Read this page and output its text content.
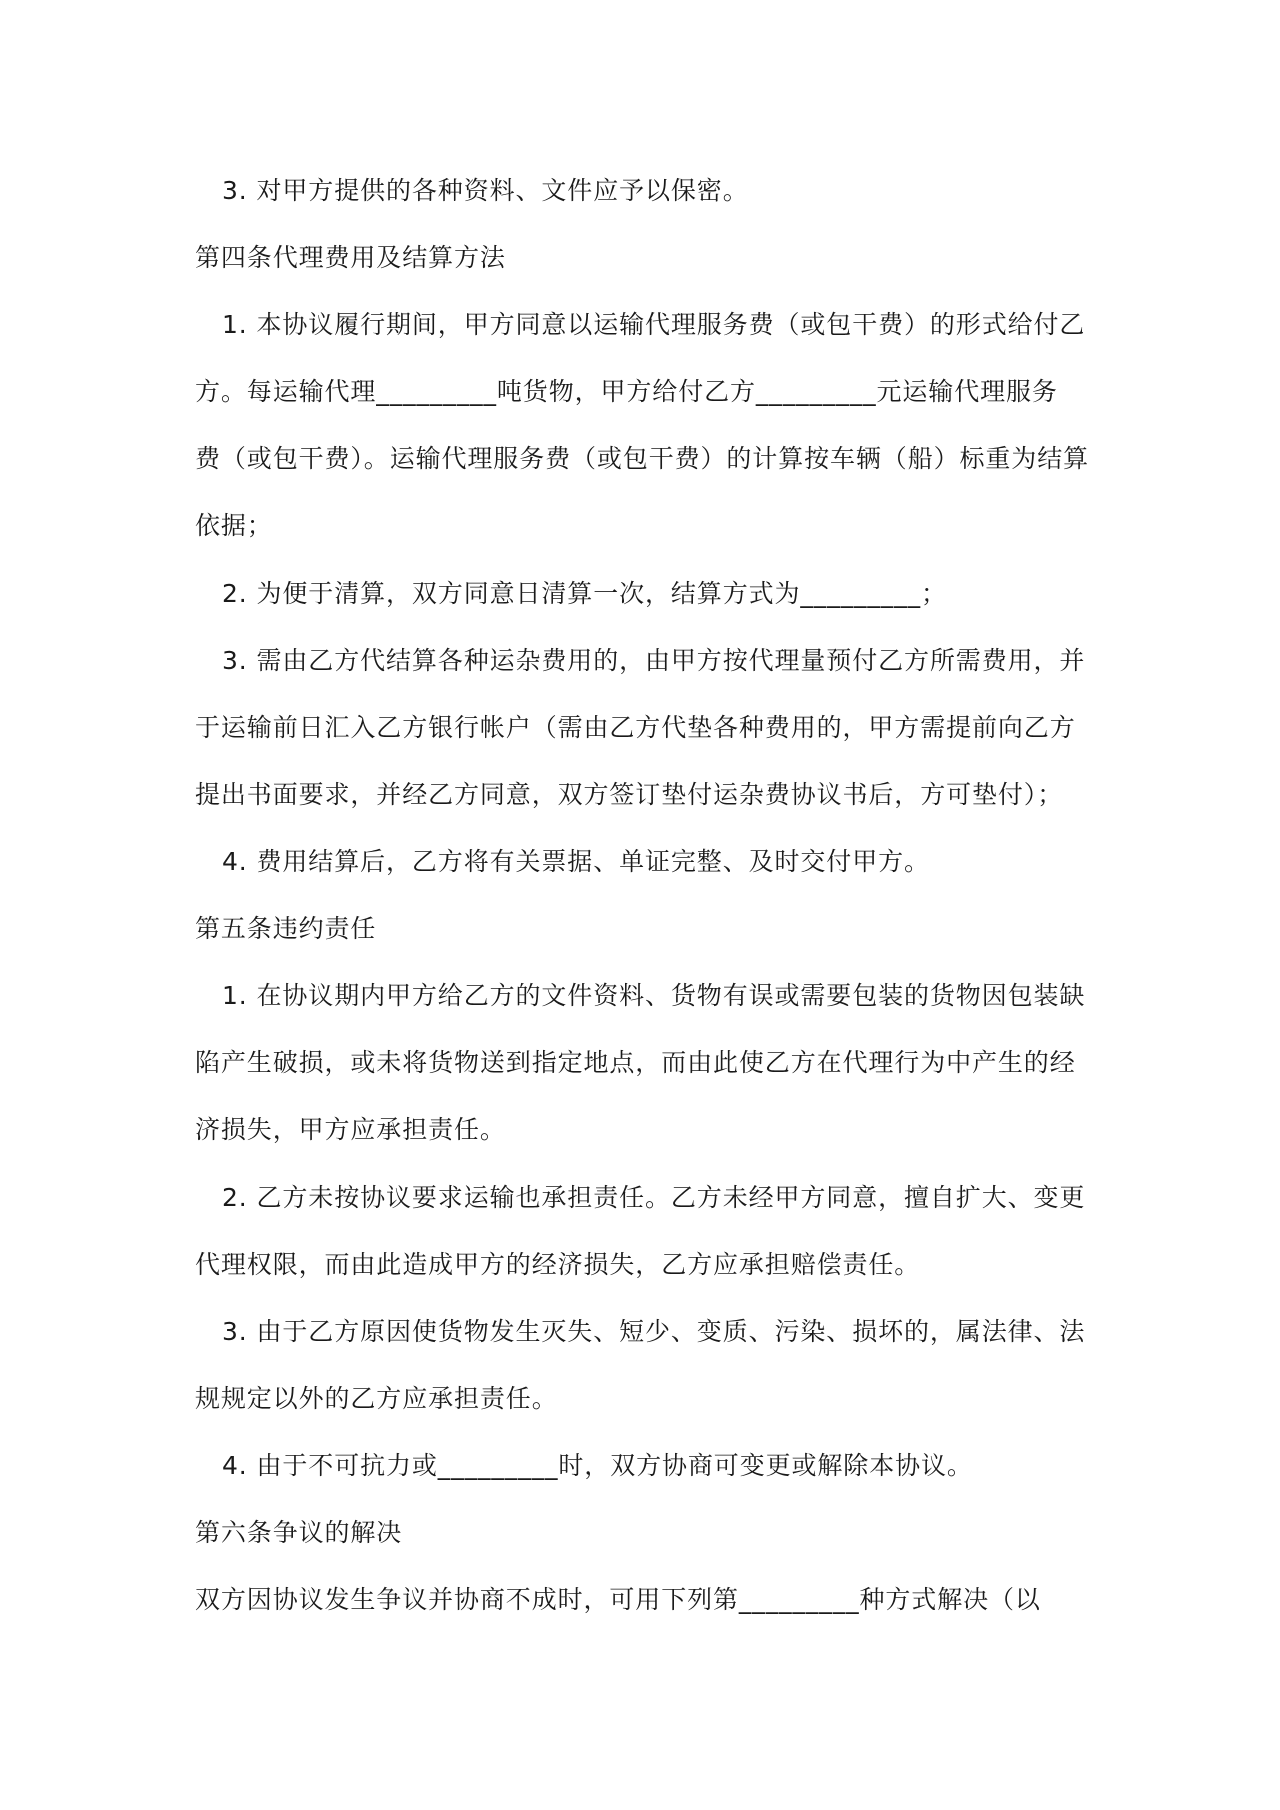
3. 对甲方提供的各种资料、文件应予以保密。

第四条代理费用及结算方法

1. 本协议履行期间，甲方同意以运输代理服务费（或包干费）的形式给付乙

方。每运输代理_________吨货物，甲方给付乙方_________元运输代理服务

费（或包干费）。运输代理服务费（或包干费）的计算按车辆（船）标重为结算

依据；

2. 为便于清算，双方同意日清算一次，结算方式为_________；

3. 需由乙方代结算各种运杂费用的，由甲方按代理量预付乙方所需费用，并

于运输前日汇入乙方银行帐户（需由乙方代垫各种费用的，甲方需提前向乙方

提出书面要求，并经乙方同意，双方签订垫付运杂费协议书后，方可垫付）；

4. 费用结算后，乙方将有关票据、单证完整、及时交付甲方。

第五条违约责任

1. 在协议期内甲方给乙方的文件资料、货物有误或需要包装的货物因包装缺

陷产生破损，或未将货物送到指定地点，而由此使乙方在代理行为中产生的经

济损失，甲方应承担责任。

2. 乙方未按协议要求运输也承担责任。乙方未经甲方同意，擅自扩大、变更

代理权限，而由此造成甲方的经济损失，乙方应承担赔偿责任。

3. 由于乙方原因使货物发生灭失、短少、变质、污染、损坏的，属法律、法

规规定以外的乙方应承担责任。

4. 由于不可抗力或_________时，双方协商可变更或解除本协议。

第六条争议的解决

双方因协议发生争议并协商不成时，可用下列第_________种方式解决（以
